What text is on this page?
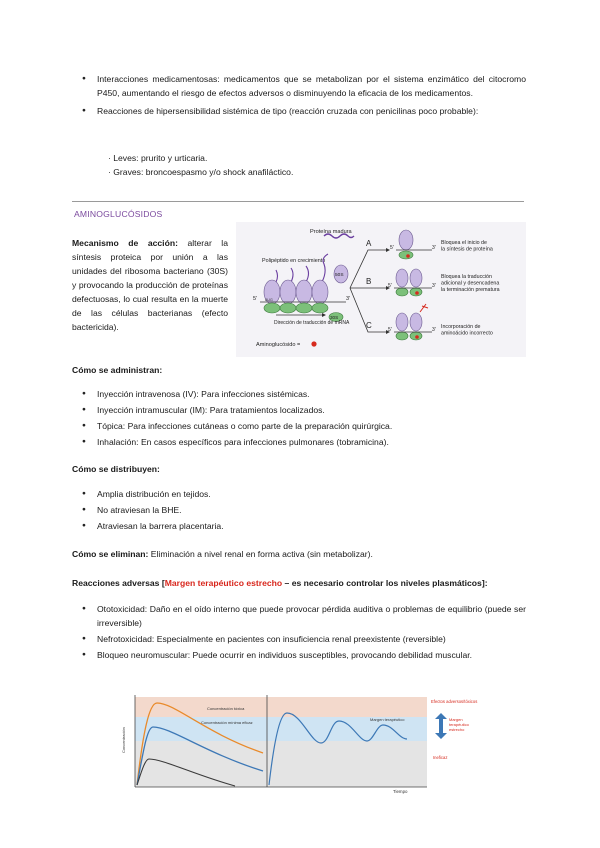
● Interacciones medicamentosas: medicamentos que se metabolizan por el sistema enzimático del citocromo P450, aumentando el riesgo de efectos adversos o disminuyendo la eficacia de los medicamentos.
● Reacciones de hipersensibilidad sistémica de tipo (reacción cruzada con penicilinas poco probable):
· Leves: prurito y urticaria.
· Graves: broncoespasmo y/o shock anafiláctico.
AMINOGLUCÓSIDOS
Mecanismo de acción: alterar la síntesis proteica por unión a las unidades del ribosoma bacteriano (30S) y provocando la producción de proteínas defectuosas, lo cual resulta en la muerte de las células bacterianas (efecto bactericida).
Proteína madura
Polipéptido en crecimiento
5'	3'
AUG
50S
30S
Dirección de traducción de mRNA
Aminoglucósido =
A
B
C
5'	3'
Bloquea el inicio de la síntesis de proteína
5'	3'
Bloquea la traducción adicional y desencadena la terminación prematura
5'	3' Incorporación de aminoácido incorrecto
Cómo se administran:
● Inyección intravenosa (IV): Para infecciones sistémicas.
● Inyección intramuscular (IM): Para tratamientos localizados.
● Tópica: Para infecciones cutáneas o como parte de la preparación quirúrgica.
● Inhalación: En casos específicos para infecciones pulmonares (tobramicina).
Cómo se distribuyen:
● Amplia distribución en tejidos.
● No atraviesan la BHE.
● Atraviesan la barrera placentaria.
Cómo se eliminan: Eliminación a nivel renal en forma activa (sin metabolizar).
Reacciones adversas [Margen terapéutico estrecho – es necesario controlar los niveles plasmáticos]:
● Ototoxicidad: Daño en el oído interno que puede provocar pérdida auditiva o problemas de equilibrio (puede ser irreversible)
● Nefrotoxicidad: Especialmente en pacientes con insuficiencia renal preexistente (reversible)
● Bloqueo neuromuscular: Puede ocurrir en individuos susceptibles, provocando debilidad muscular.
Concentración
Tiempo
Concentración tóxica
Concentración mínima eficaz
Margen terapéutico
Efectos adversos/tóxicos
Margen terapéutico estrecho
Ineficaz
